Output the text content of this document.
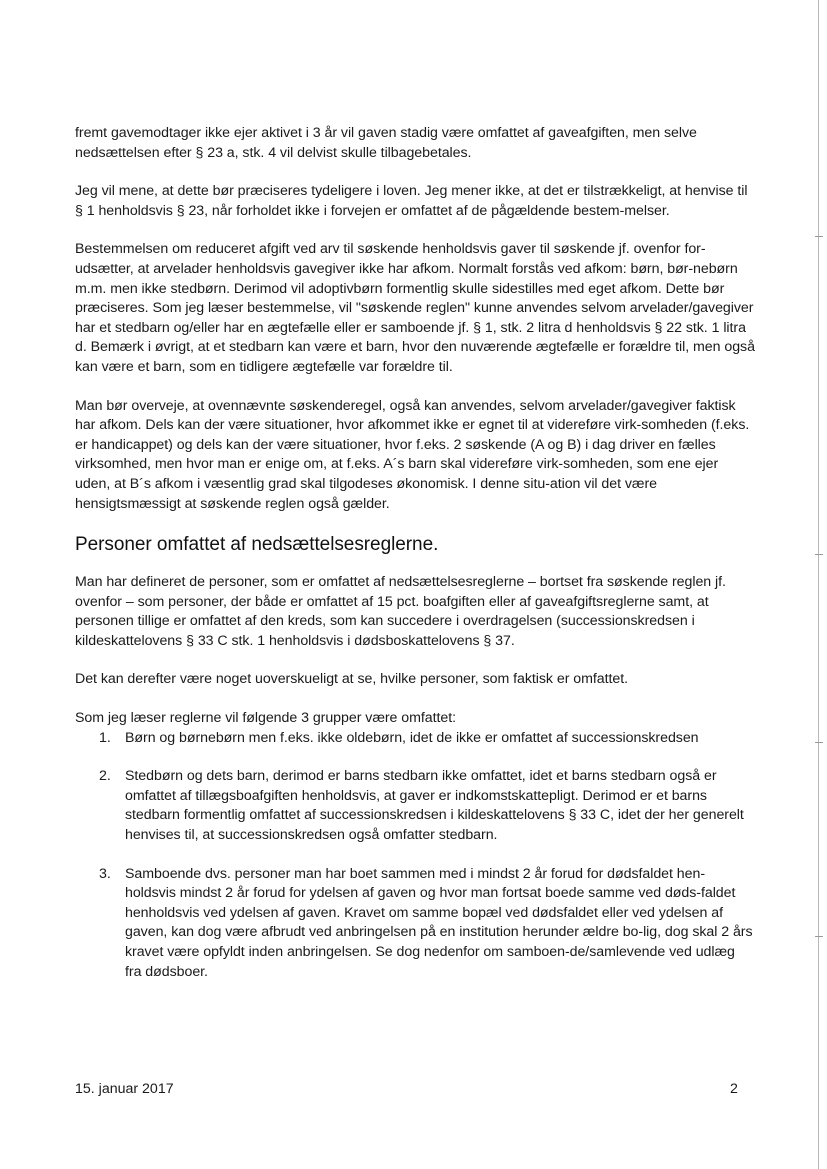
fremt gavemodtager ikke ejer aktivet i 3 år vil gaven stadig være omfattet af gaveafgiften, men selve nedsættelsen efter § 23 a, stk. 4 vil delvist skulle tilbagebetales.

Jeg vil mene, at dette bør præciseres tydeligere i loven. Jeg mener ikke, at det er tilstrækkeligt, at henvise til § 1 henholdsvis § 23, når forholdet ikke i forvejen er omfattet af de pågældende bestem-melser.

Bestemmelsen om reduceret afgift ved arv til søskende henholdsvis gaver til søskende jf. ovenfor for-udsætter, at arvelader henholdsvis gavegiver ikke har afkom. Normalt forstås ved afkom: børn, bør-nebørn m.m. men ikke stedbørn. Derimod vil adoptivbørn formentlig skulle sidestilles med eget afkom. Dette bør præciseres. Som jeg læser bestemmelse, vil "søskende reglen" kunne anvendes selvom arvelader/gavegiver har et stedbarn og/eller har en ægtefælle eller er samboende jf. § 1, stk. 2 litra d henholdsvis § 22 stk. 1 litra d. Bemærk i øvrigt, at et stedbarn kan være et barn, hvor den nuværende ægtefælle er forældre til, men også kan være et barn, som en tidligere ægtefælle var forældre til.

Man bør overveje, at ovennævnte søskenderegel, også kan anvendes, selvom arvelader/gavegiver faktisk har afkom. Dels kan der være situationer, hvor afkommet ikke er egnet til at videreføre virk-somheden (f.eks. er handicappet) og dels kan der være situationer, hvor f.eks. 2 søskende (A og B) i dag driver en fælles virksomhed, men hvor man er enige om, at f.eks. A´s barn skal videreføre virk-somheden, som ene ejer uden, at B´s afkom i væsentlig grad skal tilgodeses økonomisk. I denne situ-ation vil det være hensigtsmæssigt at søskende reglen også gælder.

Personer omfattet af nedsættelsesreglerne.

Man har defineret de personer, som er omfattet af nedsættelsesreglerne – bortset fra søskende reglen jf. ovenfor – som personer, der både er omfattet af 15 pct. boafgiften eller af gaveafgiftsreglerne samt, at personen tillige er omfattet af den kreds, som kan succedere i overdragelsen (successionskredsen i kildeskattelovens § 33 C stk. 1 henholdsvis i dødsboskattelovens § 37.

Det kan derefter være noget uoverskueligt at se, hvilke personer, som faktisk er omfattet.

Som jeg læser reglerne vil følgende 3 grupper være omfattet:

1. Børn og børnebørn men f.eks. ikke oldebørn, idet de ikke er omfattet af successionskredsen
2. Stedbørn og dets barn, derimod er barns stedbarn ikke omfattet, idet et barns stedbarn også er omfattet af tillægsboafgiften henholdsvis, at gaver er indkomstskattepligt. Derimod er et barns stedbarn formentlig omfattet af successionskredsen i kildeskattelovens § 33 C, idet der her generelt henvises til, at successionskredsen også omfatter stedbarn.
3. Samboende dvs. personer man har boet sammen med i mindst 2 år forud for dødsfaldet hen-holdsvis mindst 2 år forud for ydelsen af gaven og hvor man fortsat boede samme ved døds-faldet henholdsvis ved ydelsen af gaven. Kravet om samme bopæl ved dødsfaldet eller ved ydelsen af gaven, kan dog være afbrudt ved anbringelsen på en institution herunder ældre bo-lig, dog skal 2 års kravet være opfyldt inden anbringelsen. Se dog nedenfor om samboen-de/samlevende ved udlæg fra dødsboer.
15. januar 2017	2
